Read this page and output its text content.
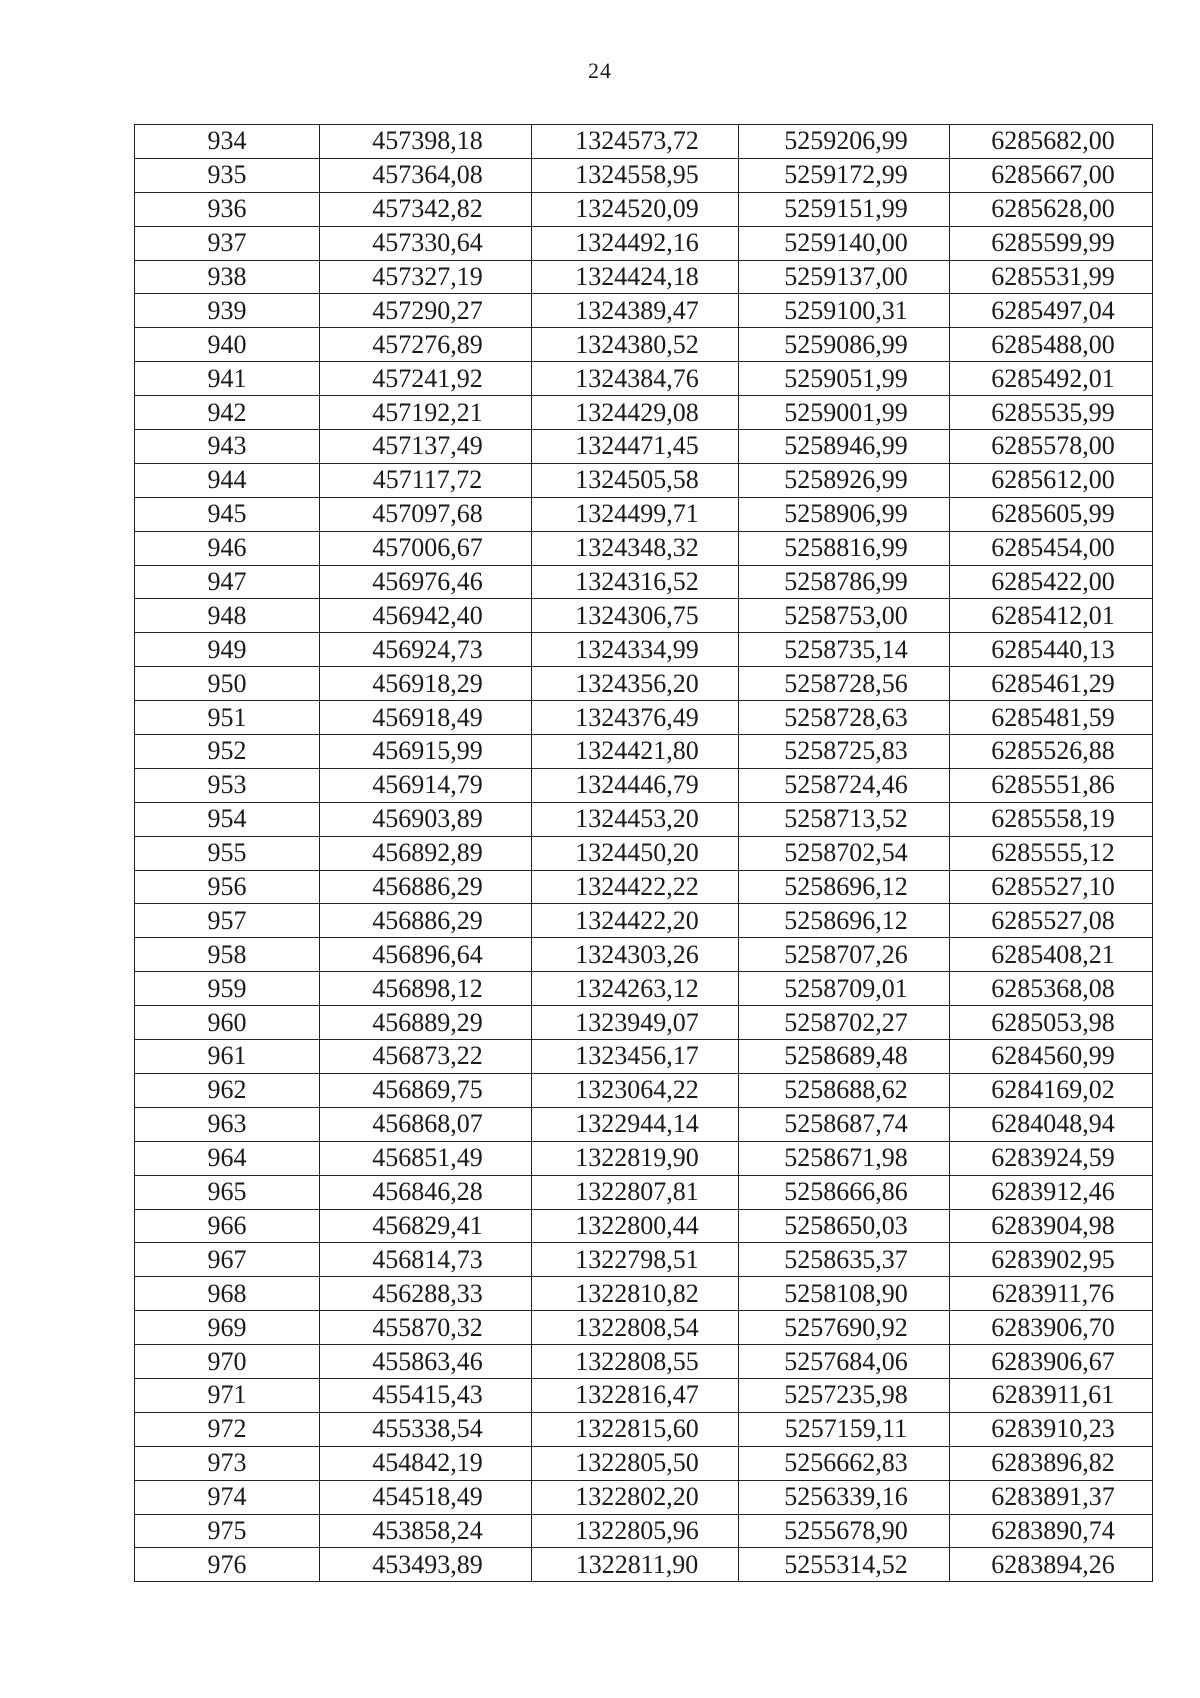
24
934	457398,18	1324573,72	5259206,99	6285682,00
935	457364,08	1324558,95	5259172,99	6285667,00
936	457342,82	1324520,09	5259151,99	6285628,00
937	457330,64	1324492,16	5259140,00	6285599,99
938	457327,19	1324424,18	5259137,00	6285531,99
939	457290,27	1324389,47	5259100,31	6285497,04
940	457276,89	1324380,52	5259086,99	6285488,00
941	457241,92	1324384,76	5259051,99	6285492,01
942	457192,21	1324429,08	5259001,99	6285535,99
943	457137,49	1324471,45	5258946,99	6285578,00
944	457117,72	1324505,58	5258926,99	6285612,00
945	457097,68	1324499,71	5258906,99	6285605,99
946	457006,67	1324348,32	5258816,99	6285454,00
947	456976,46	1324316,52	5258786,99	6285422,00
948	456942,40	1324306,75	5258753,00	6285412,01
949	456924,73	1324334,99	5258735,14	6285440,13
950	456918,29	1324356,20	5258728,56	6285461,29
951	456918,49	1324376,49	5258728,63	6285481,59
952	456915,99	1324421,80	5258725,83	6285526,88
953	456914,79	1324446,79	5258724,46	6285551,86
954	456903,89	1324453,20	5258713,52	6285558,19
955	456892,89	1324450,20	5258702,54	6285555,12
956	456886,29	1324422,22	5258696,12	6285527,10
957	456886,29	1324422,20	5258696,12	6285527,08
958	456896,64	1324303,26	5258707,26	6285408,21
959	456898,12	1324263,12	5258709,01	6285368,08
960	456889,29	1323949,07	5258702,27	6285053,98
961	456873,22	1323456,17	5258689,48	6284560,99
962	456869,75	1323064,22	5258688,62	6284169,02
963	456868,07	1322944,14	5258687,74	6284048,94
964	456851,49	1322819,90	5258671,98	6283924,59
965	456846,28	1322807,81	5258666,86	6283912,46
966	456829,41	1322800,44	5258650,03	6283904,98
967	456814,73	1322798,51	5258635,37	6283902,95
968	456288,33	1322810,82	5258108,90	6283911,76
969	455870,32	1322808,54	5257690,92	6283906,70
970	455863,46	1322808,55	5257684,06	6283906,67
971	455415,43	1322816,47	5257235,98	6283911,61
972	455338,54	1322815,60	5257159,11	6283910,23
973	454842,19	1322805,50	5256662,83	6283896,82
974	454518,49	1322802,20	5256339,16	6283891,37
975	453858,24	1322805,96	5255678,90	6283890,74
976	453493,89	1322811,90	5255314,52	6283894,26
